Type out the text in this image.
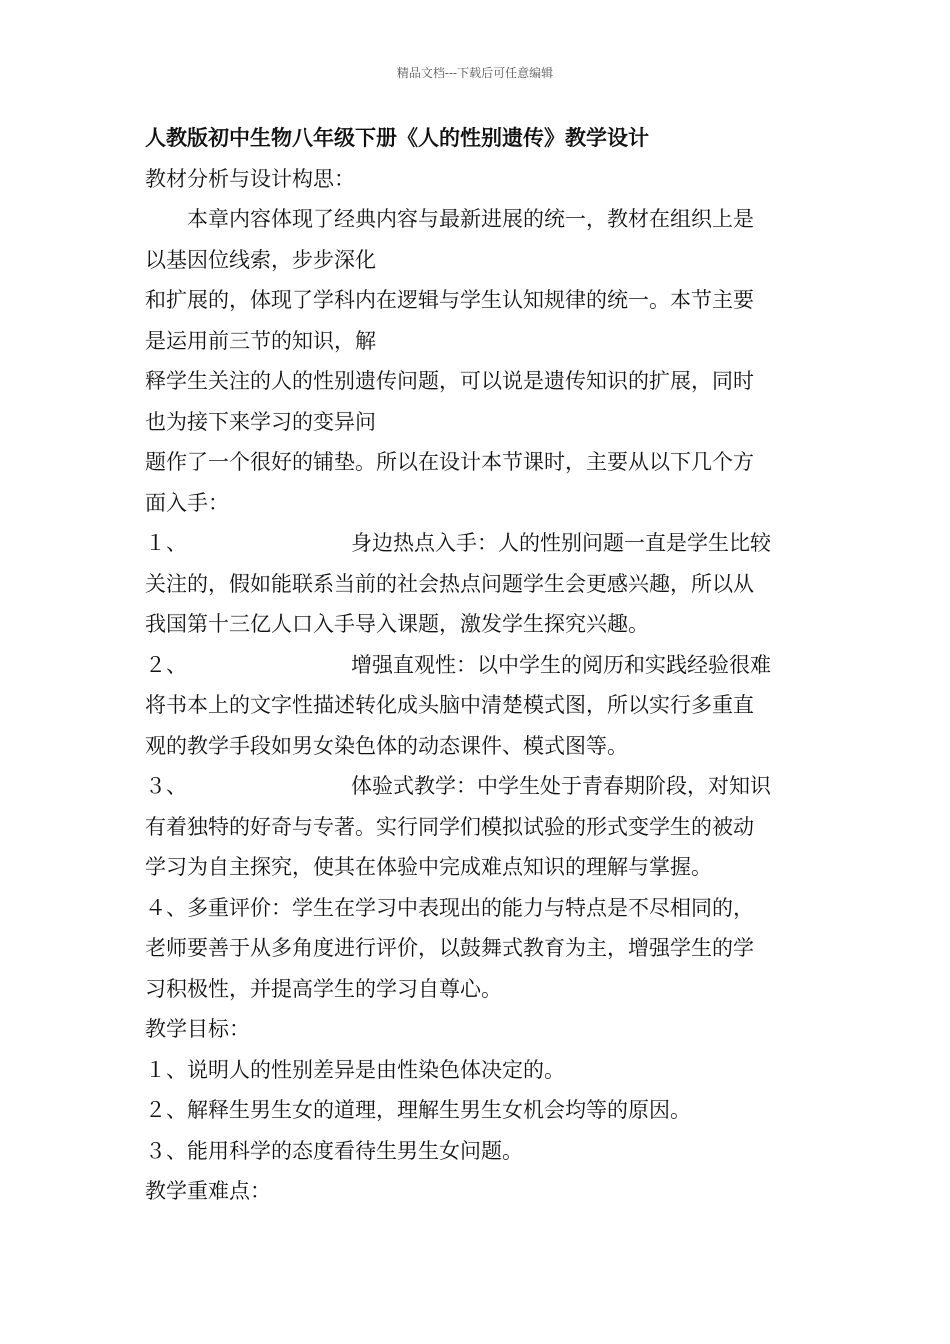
精品文档---下载后可任意编辑
人教版初中生物八年级下册《人的性别遗传》教学设计
教材分析与设计构思：
本章内容体现了经典内容与最新进展的统一，教材在组织上是
以基因位线索，步步深化
和扩展的，体现了学科内在逻辑与学生认知规律的统一。本节主要
是运用前三节的知识，解
释学生关注的人的性别遗传问题，可以说是遗传知识的扩展，同时
也为接下来学习的变异问
题作了一个很好的铺垫。所以在设计本节课时，主要从以下几个方
面入手：
１、	身边热点入手：人的性别问题一直是学生比较
关注的，假如能联系当前的社会热点问题学生会更感兴趣，所以从
我国第十三亿人口入手导入课题，激发学生探究兴趣。
２、	增强直观性：以中学生的阅历和实践经验很难
将书本上的文字性描述转化成头脑中清楚模式图，所以实行多重直
观的教学手段如男女染色体的动态课件、模式图等。
３、	体验式教学：中学生处于青春期阶段，对知识
有着独特的好奇与专著。实行同学们模拟试验的形式变学生的被动
学习为自主探究，使其在体验中完成难点知识的理解与掌握。
４、多重评价：学生在学习中表现出的能力与特点是不尽相同的，
老师要善于从多角度进行评价，以鼓舞式教育为主，增强学生的学
习积极性，并提高学生的学习自尊心。
教学目标：
１、说明人的性别差异是由性染色体决定的。
２、解释生男生女的道理，理解生男生女机会均等的原因。
３、能用科学的态度看待生男生女问题。
教学重难点：
